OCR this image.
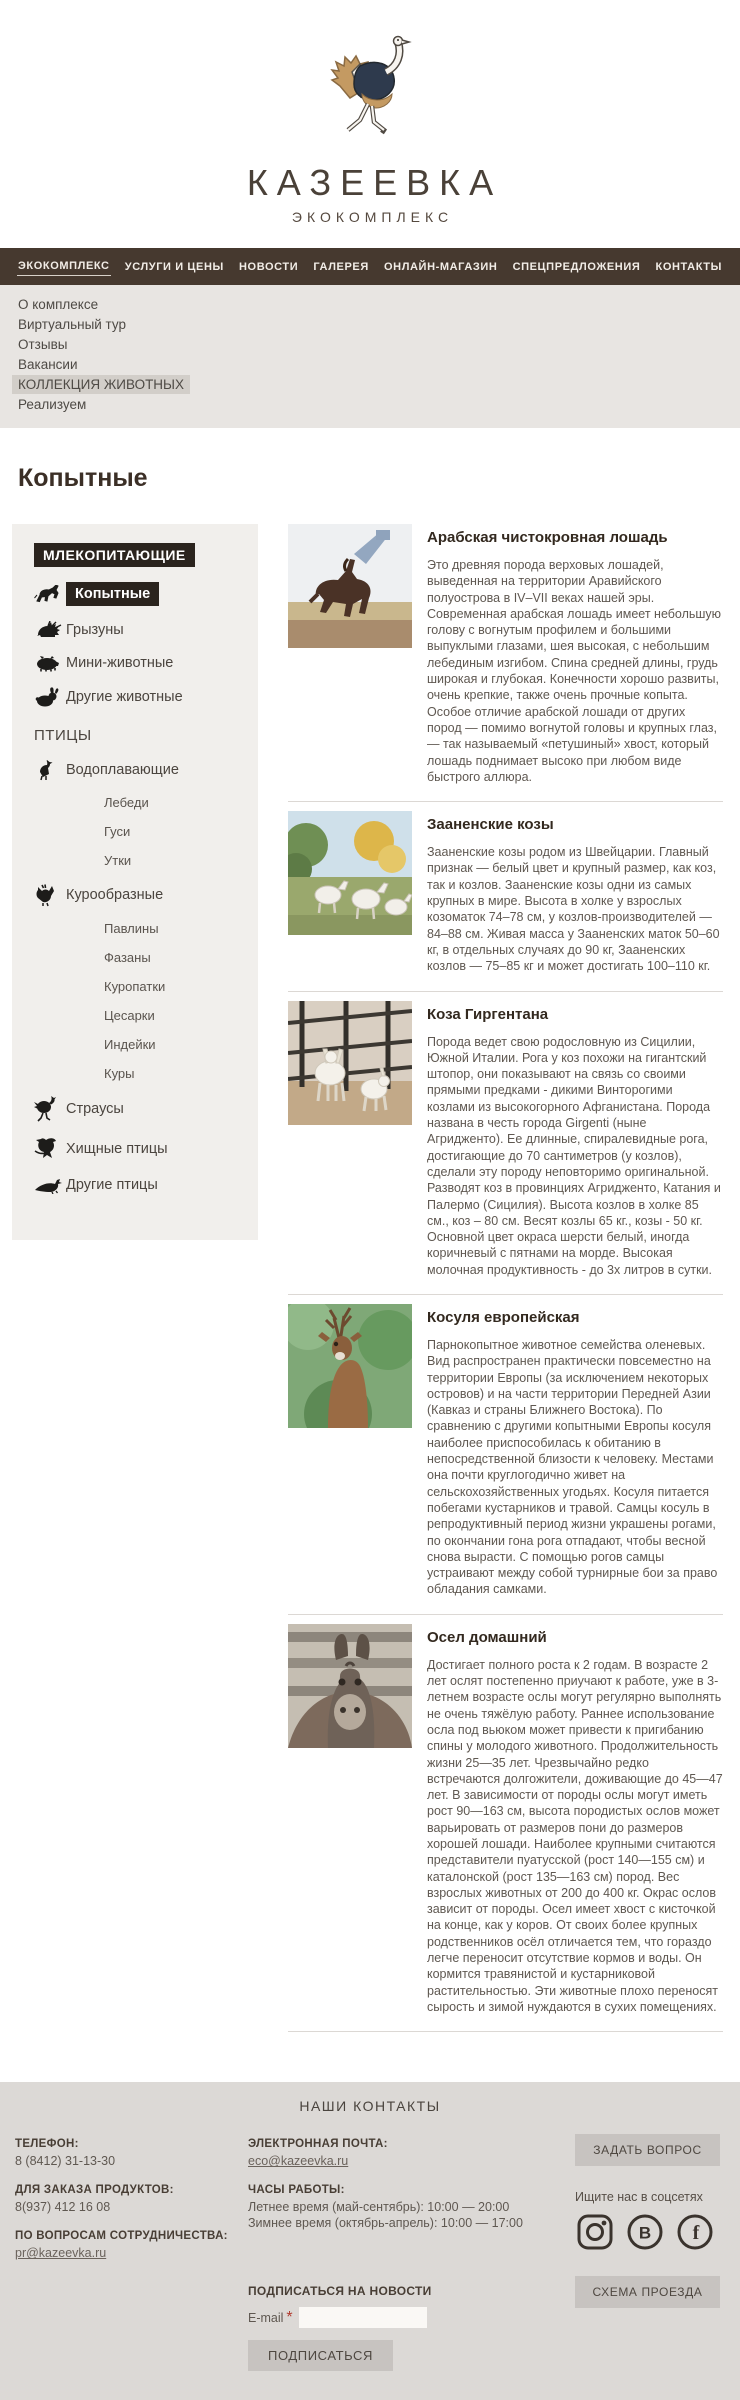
КАЗЕЕВКА
ЭКОКОМПЛЕКС
ЭКОКОМПЛЕКС УСЛУГИ И ЦЕНЫ НОВОСТИ ГАЛЕРЕЯ ОНЛАЙН-МАГАЗИН СПЕЦПРЕДЛОЖЕНИЯ КОНТАКТЫ
О комплексе
Виртуальный тур
Отзывы
Вакансии
КОЛЛЕКЦИЯ ЖИВОТНЫХ
Реализуем
Копытные
МЛЕКОПИТАЮЩИЕ
Копытные
Грызуны
Мини-животные
Другие животные
ПТИЦЫ
Водоплавающие
Лебеди
Гуси
Утки
Курообразные
Павлины
Фазаны
Куропатки
Цесарки
Индейки
Куры
Страусы
Хищные птицы
Другие птицы
Арабская чистокровная лошадь
Это древняя порода верховых лошадей, выведенная на территории Аравийского полуострова в IV–VII веках нашей эры. Современная арабская лошадь имеет небольшую голову с вогнутым профилем и большими выпуклыми глазами, шея высокая, с небольшим лебединым изгибом. Спина средней длины, грудь широкая и глубокая. Конечности хорошо развиты, очень крепкие, также очень прочные копыта. Особое отличие арабской лошади от других пород — помимо вогнутой головы и крупных глаз, — так называемый «петушиный» хвост, который лошадь поднимает высоко при любом виде быстрого аллюра.
Зааненские козы
Зааненские козы родом из Швейцарии. Главный признак — белый цвет и крупный размер, как коз, так и козлов. Зааненские козы одни из самых крупных в мире. Высота в холке у взрослых козоматок 74–78 см, у козлов-производителей — 84–88 см. Живая масса у Зааненских маток 50–60 кг, в отдельных случаях до 90 кг, Зааненских козлов — 75–85 кг и может достигать 100–110 кг.
Коза Гиргентана
Порода ведет свою родословную из Сицилии, Южной Италии. Рога у коз похожи на гигантский штопор, они показывают на связь со своими прямыми предками - дикими Винторогими козлами из высокогорного Афганистана. Порода названа в честь города Girgenti (ныне Агридженто). Ее длинные, спиралевидные рога, достигающие до 70 сантиметров (у козлов), сделали эту породу неповторимо оригинальной. Разводят коз в провинциях Агридженто, Катания и Палермо (Сицилия). Высота козлов в холке 85 см., коз – 80 см. Весят козлы 65 кг., козы - 50 кг. Основной цвет окраса шерсти белый, иногда коричневый с пятнами на морде. Высокая молочная продуктивность - до 3х литров в сутки.
Косуля европейская
Парнокопытное животное семейства оленевых. Вид распространен практически повсеместно на территории Европы (за исключением некоторых островов) и на части территории Передней Азии (Кавказ и страны Ближнего Востока). По сравнению с другими копытными Европы косуля наиболее приспособилась к обитанию в непосредственной близости к человеку. Местами она почти круглогодично живет на сельскохозяйственных угодьях. Косуля питается побегами кустарников и травой. Самцы косуль в репродуктивный период жизни украшены рогами, по окончании гона рога отпадают, чтобы весной снова вырасти. С помощью рогов самцы устраивают между собой турнирные бои за право обладания самками.
Осел домашний
Достигает полного роста к 2 годам. В возрасте 2 лет ослят постепенно приучают к работе, уже в 3-летнем возрасте ослы могут регулярно выполнять не очень тяжёлую работу. Раннее использование осла под вьюком может привести к пригибанию спины у молодого животного. Продолжительность жизни 25—35 лет. Чрезвычайно редко встречаются долгожители, доживающие до 45—47 лет. В зависимости от породы ослы могут иметь рост 90—163 см, высота породистых ослов может варьировать от размеров пони до размеров хорошей лошади. Наиболее крупными считаются представители пуатусской (рост 140—155 см) и каталонской (рост 135—163 см) пород. Вес взрослых животных от 200 до 400 кг. Окрас ослов зависит от породы. Осел имеет хвост с кисточкой на конце, как у коров. От своих более крупных родственников осёл отличается тем, что гораздо легче переносит отсутствие кормов и воды. Он кормится травянистой и кустарниковой растительностью. Эти животные плохо переносят сырость и зимой нуждаются в сухих помещениях.
НАШИ КОНТАКТЫ
ТЕЛЕФОН:
8 (8412) 31-13-30
ДЛЯ ЗАКАЗА ПРОДУКТОВ:
8(937) 412 16 08
ПО ВОПРОСАМ СОТРУДНИЧЕСТВА:
pr@kazeevka.ru
ЭЛЕКТРОННАЯ ПОЧТА:
eco@kazeevka.ru
ЧАСЫ РАБОТЫ:
Летнее время (май-сентябрь): 10:00 — 20:00
Зимнее время (октябрь-апрель): 10:00 — 17:00
ПОДПИСАТЬСЯ НА НОВОСТИ
E-mail *
ПОДПИСАТЬСЯ
ЗАДАТЬ ВОПРОС
Ищите нас в соцсетях
В f
СХЕМА ПРОЕЗДА
